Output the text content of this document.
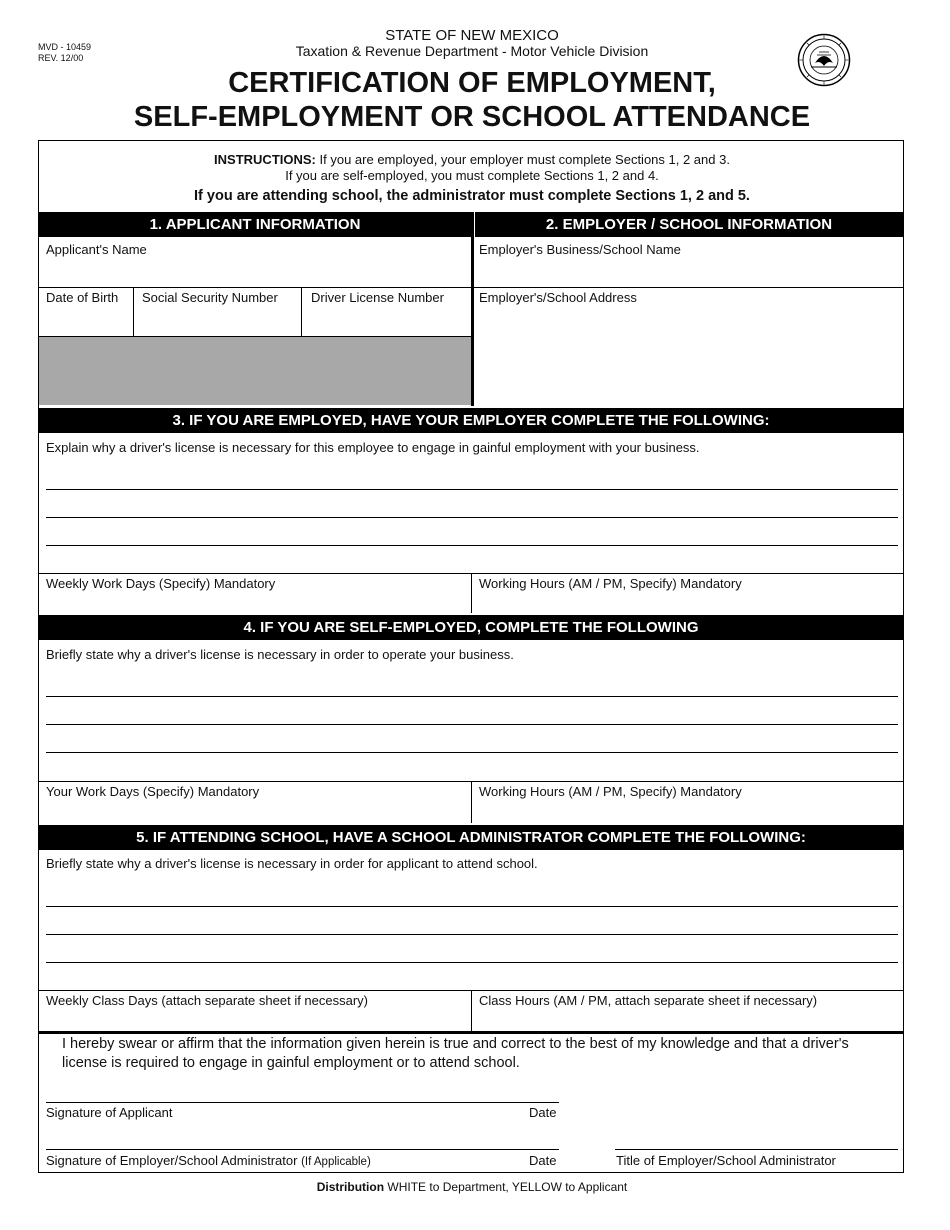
MVD - 10459
REV. 12/00
STATE OF NEW MEXICO
Taxation & Revenue Department - Motor Vehicle Division
CERTIFICATION OF EMPLOYMENT,
SELF-EMPLOYMENT OR SCHOOL ATTENDANCE
INSTRUCTIONS: If you are employed, your employer must complete Sections 1, 2 and 3.
If you are self-employed, you must complete Sections 1, 2 and 4.
If you are attending school, the administrator must complete Sections 1, 2 and 5.
1. APPLICANT INFORMATION	2. EMPLOYER / SCHOOL INFORMATION
Applicant's Name
Date of Birth Social Security Number	Driver License Number
Employer's Business/School Name
Employer's/School Address
3. IF YOU ARE EMPLOYED, HAVE YOUR EMPLOYER COMPLETE THE FOLLOWING:
Explain why a driver's license is necessary for this employee to engage in gainful employment with your business.
Weekly Work Days (Specify) Mandatory	Working Hours (AM / PM, Specify) Mandatory
4. IF YOU ARE SELF-EMPLOYED, COMPLETE THE FOLLOWING
Briefly state why a driver's license is necessary in order to operate your business.
Your Work Days (Specify) Mandatory	Working Hours (AM / PM, Specify) Mandatory
5. IF ATTENDING SCHOOL, HAVE A SCHOOL ADMINISTRATOR COMPLETE THE FOLLOWING:
Briefly state why a driver's license is necessary in order for applicant to attend school.
Weekly Class Days (attach separate sheet if necessary)	Class Hours (AM / PM, attach separate sheet if necessary)
I hereby swear or affirm that the information given herein is true and correct to the best of my knowledge and that a driver's license is required to engage in gainful employment or to attend school.
Signature of Applicant	Date
Signature of Employer/School Administrator (If Applicable)	Date	Title of Employer/School Administrator
Distribution WHITE to Department, YELLOW to Applicant
